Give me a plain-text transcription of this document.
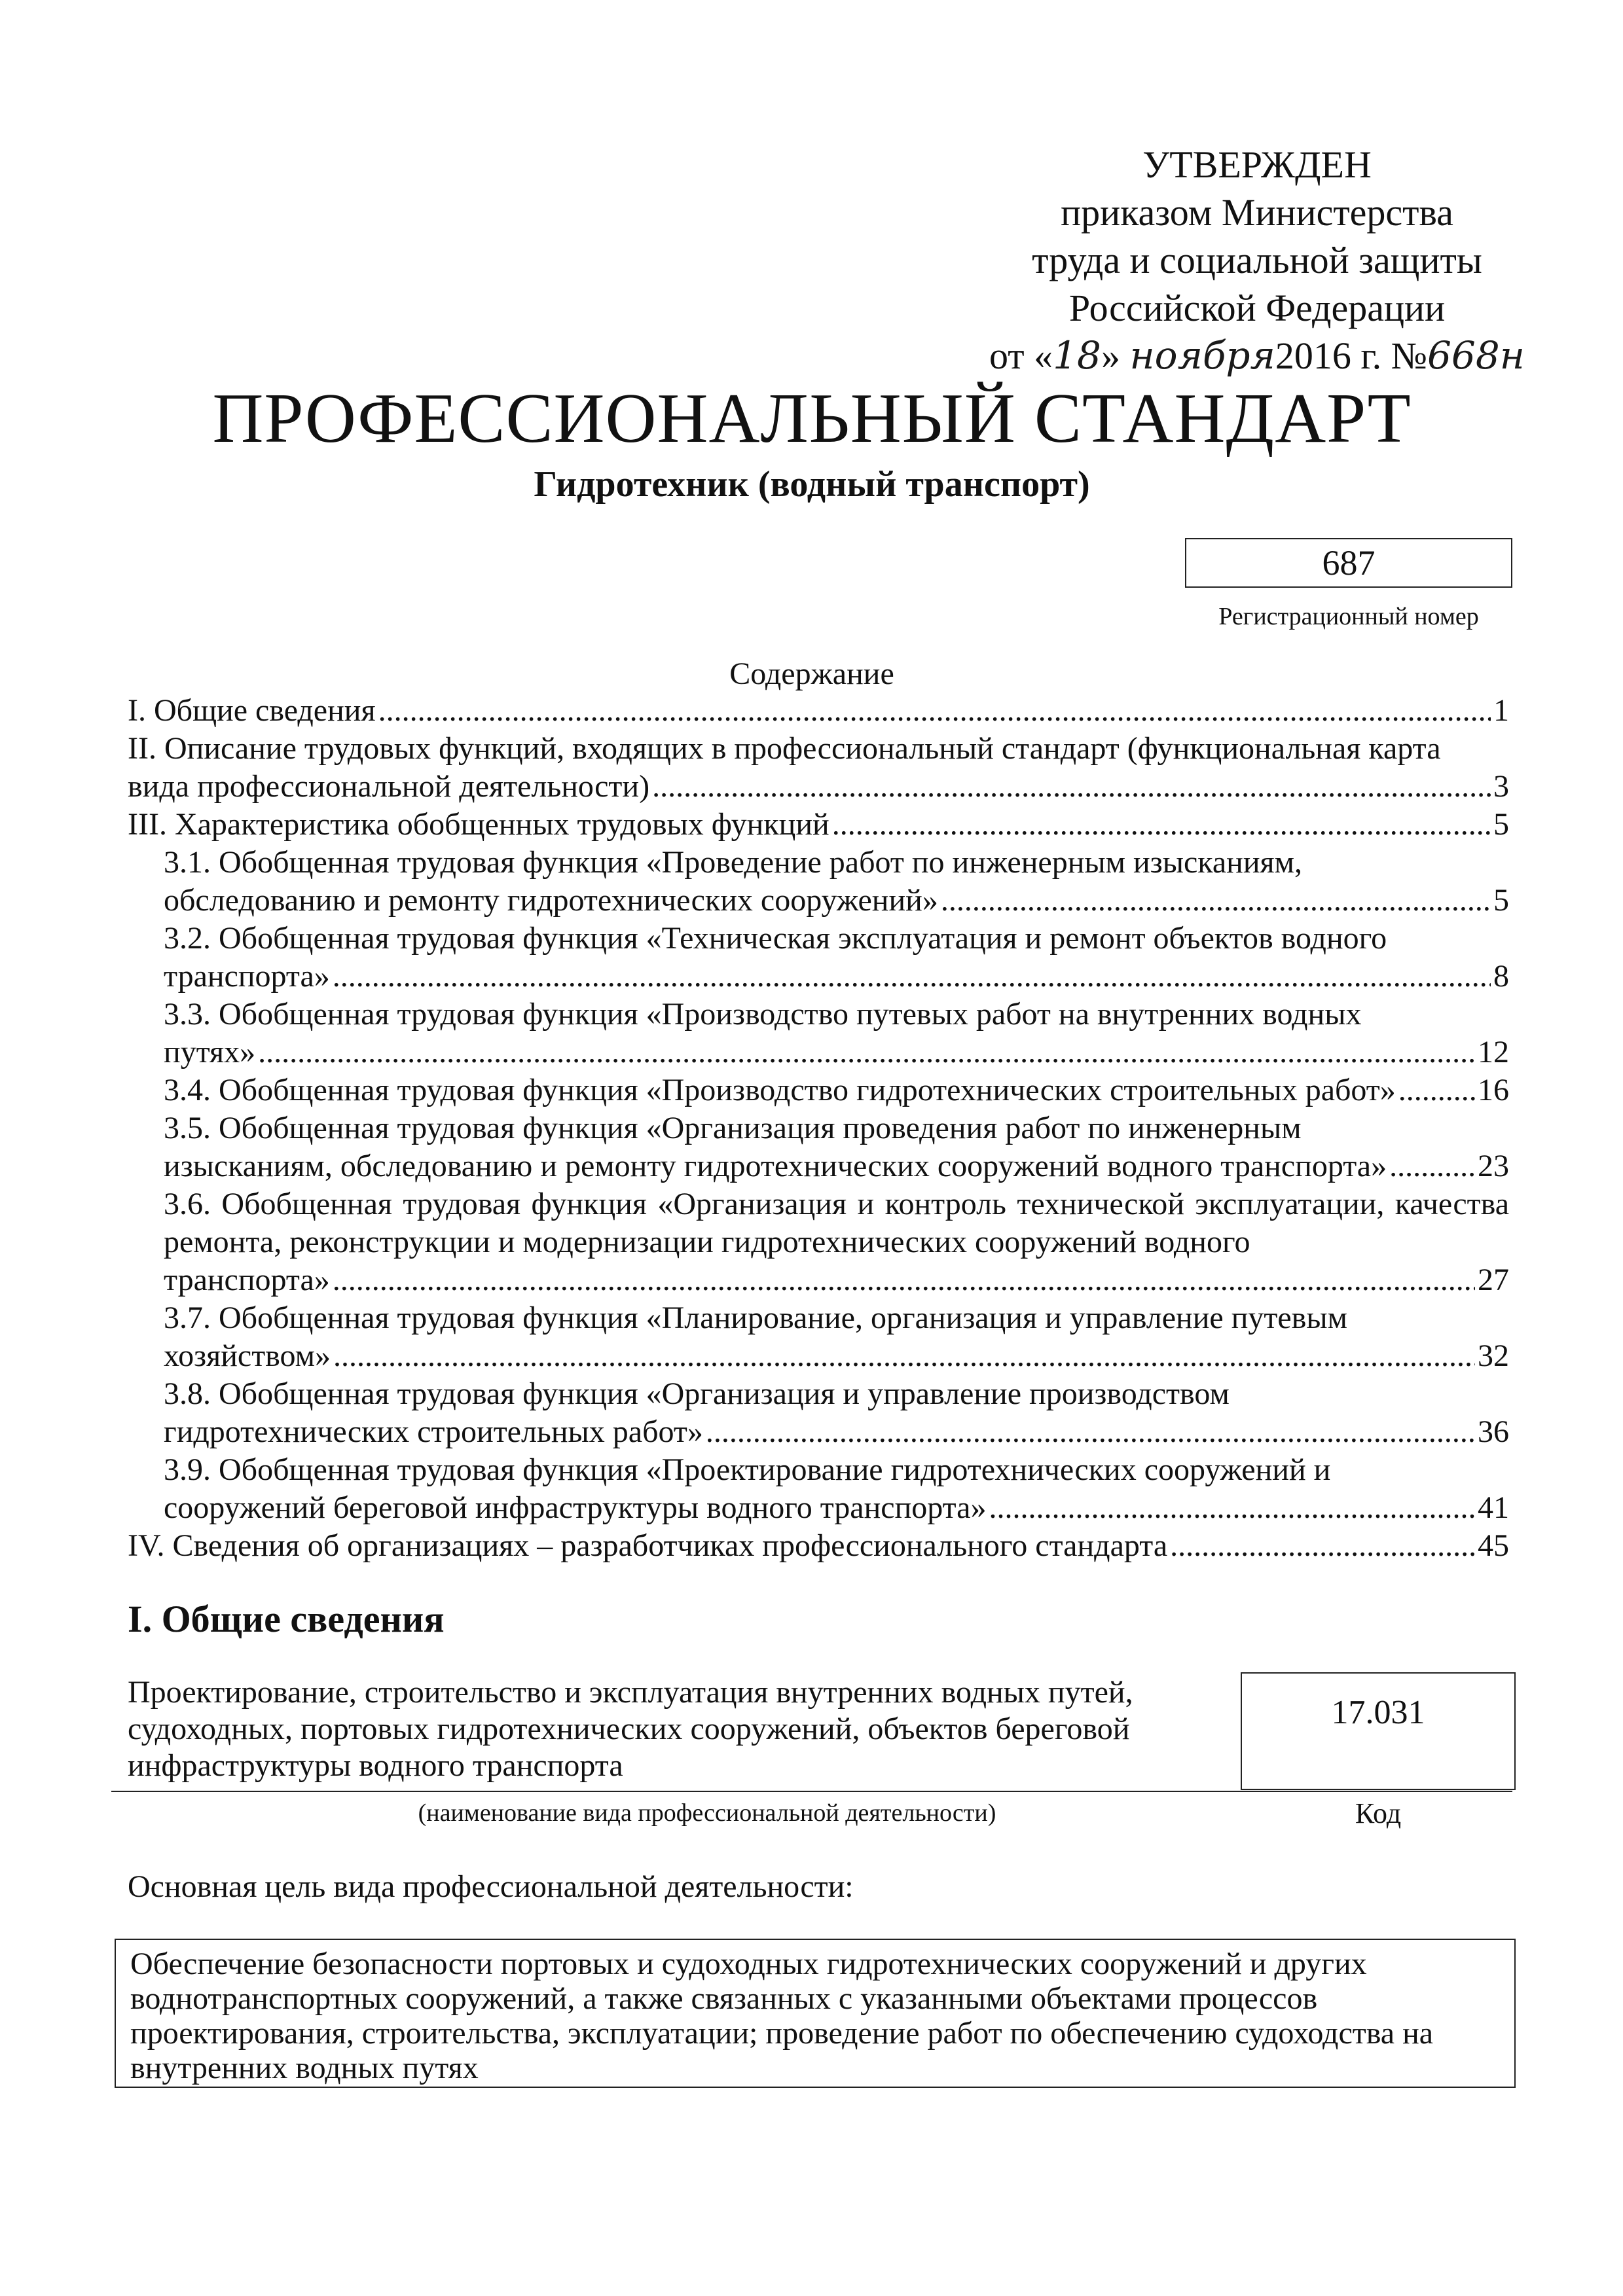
УТВЕРЖДЕН
приказом Министерства
труда и социальной защиты
Российской Федерации
от «18» ноября2016 г. №668н
ПРОФЕССИОНАЛЬНЫЙ СТАНДАРТ
Гидротехник (водный транспорт)
687
Регистрационный номер
Содержание
I. Общие сведения .....	1
II. Описание трудовых функций, входящих в профессиональный стандарт (функциональная карта
вида профессиональной деятельности) .....	3
III. Характеристика обобщенных трудовых функций .....	5
3.1. Обобщенная трудовая функция «Проведение работ по инженерным изысканиям,
обследованию и ремонту гидротехнических сооружений» .....	5
3.2. Обобщенная трудовая функция «Техническая эксплуатация и ремонт объектов водного
транспорта» .....	8
3.3. Обобщенная трудовая функция «Производство путевых работ на внутренних водных
путях» .....	12
3.4. Обобщенная трудовая функция «Производство гидротехнических строительных работ» .....	16
3.5. Обобщенная трудовая функция «Организация проведения работ по инженерным
изысканиям, обследованию и ремонту гидротехнических сооружений водного транспорта» .....	23
3.6. Обобщенная трудовая функция «Организация и контроль технической эксплуатации, качества ремонта, реконструкции и модернизации гидротехнических сооружений водного
транспорта» .....	27
3.7. Обобщенная трудовая функция «Планирование, организация и управление путевым
хозяйством» .....	32
3.8. Обобщенная трудовая функция «Организация и управление производством
гидротехнических строительных работ» .....	36
3.9. Обобщенная трудовая функция «Проектирование гидротехнических сооружений и
сооружений береговой инфраструктуры водного транспорта» .....	41
IV. Сведения об организациях – разработчиках профессионального стандарта .....	45
I. Общие сведения
Проектирование, строительство и эксплуатация внутренних водных путей, судоходных, портовых гидротехнических сооружений, объектов береговой инфраструктуры водного транспорта
17.031
(наименование вида профессиональной деятельности)	Код
Основная цель вида профессиональной деятельности:
Обеспечение безопасности портовых и судоходных гидротехнических сооружений и других воднотранспортных сооружений, а также связанных с указанными объектами процессов проектирования, строительства, эксплуатации; проведение работ по обеспечению судоходства на внутренних водных путях
